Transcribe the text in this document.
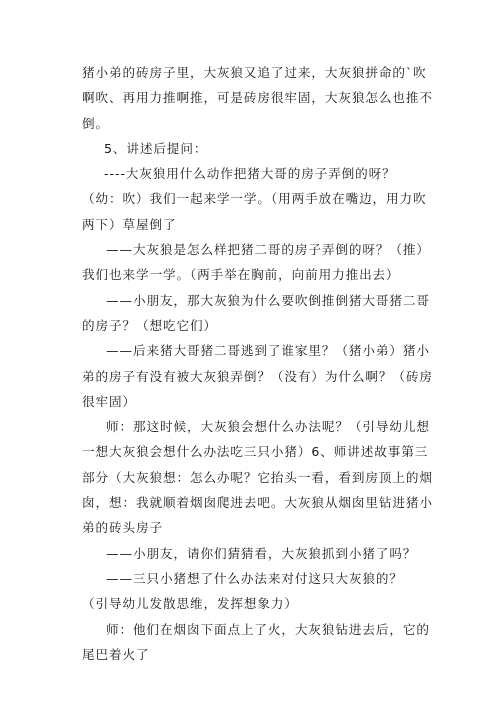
猪小弟的砖房子里，大灰狼又追了过来，大灰狼拼命的`吹
啊吹、再用力推啊推，可是砖房很牢固，大灰狼怎么也推不
倒。
5、讲述后提问：
----大灰狼用什么动作把猪大哥的房子弄倒的呀？
（幼：吹）我们一起来学一学。（用两手放在嘴边，用力吹
两下）草屋倒了
——大灰狼是怎么样把猪二哥的房子弄倒的呀？（推）
我们也来学一学。（两手举在胸前，向前用力推出去）
——小朋友，那大灰狼为什么要吹倒推倒猪大哥猪二哥
的房子？（想吃它们）
——后来猪大哥猪二哥逃到了谁家里？（猪小弟）猪小
弟的房子有没有被大灰狼弄倒？（没有）为什么啊？（砖房
很牢固）
师：那这时候，大灰狼会想什么办法呢？（引导幼儿想
一想大灰狼会想什么办法吃三只小猪）6、师讲述故事第三
部分（大灰狼想：怎么办呢？它抬头一看，看到房顶上的烟
囱，想：我就顺着烟囱爬进去吧。大灰狼从烟囱里钻进猪小
弟的砖头房子
——小朋友，请你们猜猜看，大灰狼抓到小猪了吗？
——三只小猪想了什么办法来对付这只大灰狼的？
（引导幼儿发散思维，发挥想象力）
师：他们在烟囱下面点上了火，大灰狼钻进去后，它的
尾巴着火了
